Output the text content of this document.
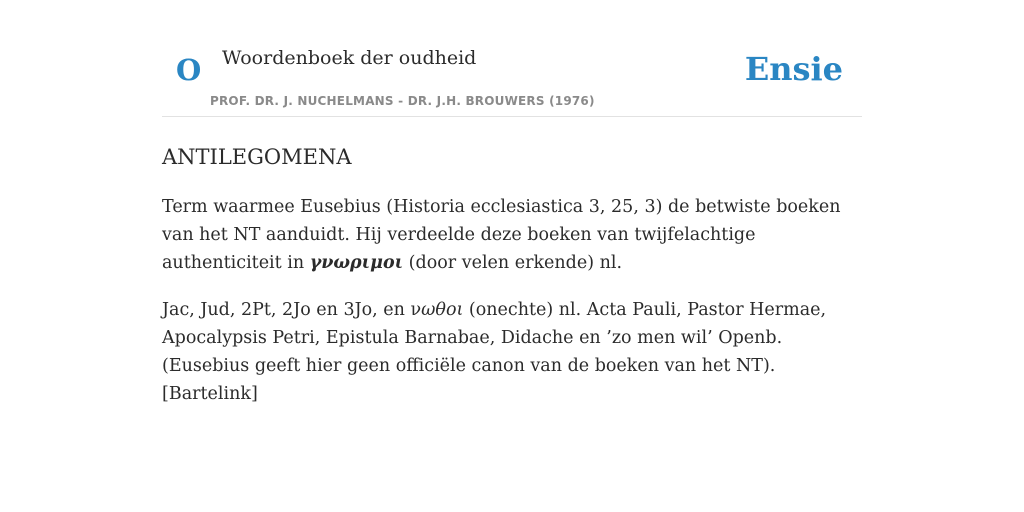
O Woordenboek der oudheid
PROF. DR. J. NUCHELMANS - DR. J.H. BROUWERS (1976)
Ensie
ANTILEGOMENA

Term waarmee Eusebius (Historia ecclesiastica 3, 25, 3) de betwiste boeken van het NT aanduidt. Hij verdeelde deze boeken van twijfelachtige authenticiteit in γνωριμοι (door velen erkende) nl.

Jac, Jud, 2Pt, 2Jo en 3Jo, en νωθοι (onechte) nl. Acta Pauli, Pastor Hermae, Apocalypsis Petri, Epistula Barnabae, Didache en ’zo men wil’ Openb. (Eusebius geeft hier geen officiële canon van de boeken van het NT). [Bartelink]
